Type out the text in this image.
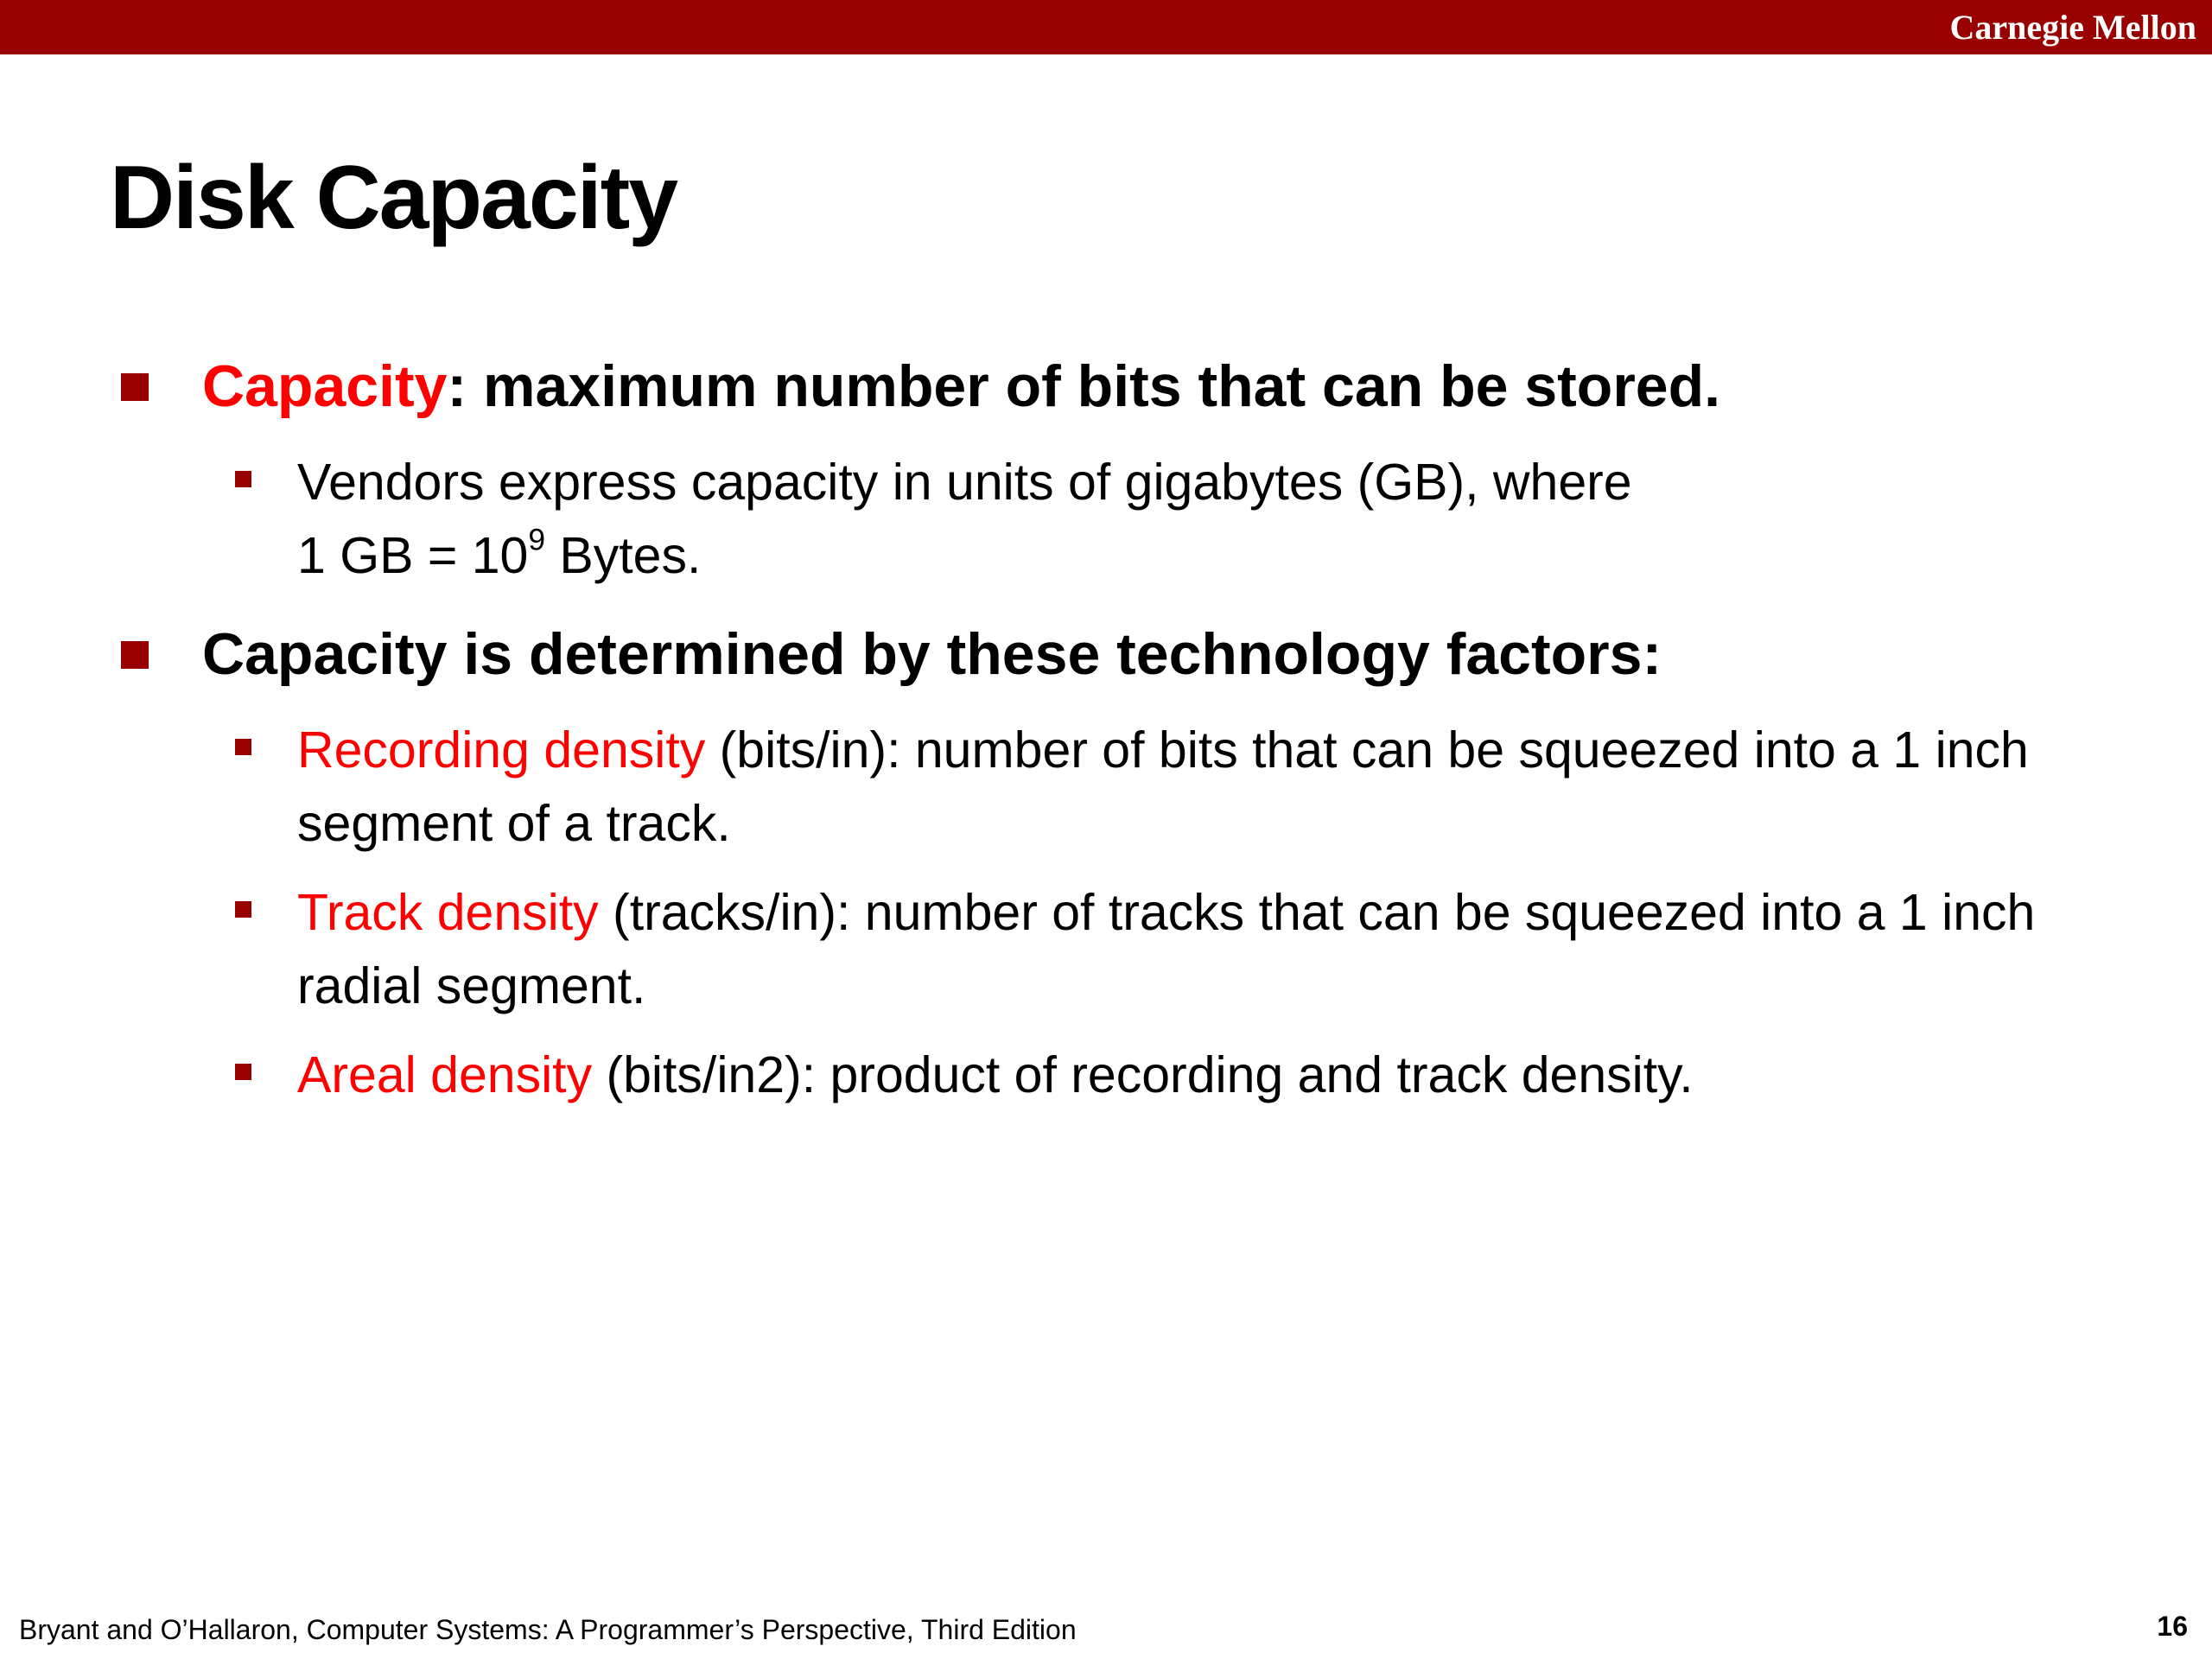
Carnegie Mellon
Disk Capacity
Capacity: maximum number of bits that can be stored.
Vendors express capacity in units of gigabytes (GB), where
1 GB = $10^9$ Bytes.
Capacity is determined by these technology factors:
Recording density (bits/in): number of bits that can be squeezed into a 1 inch segment of a track.
Track density (tracks/in): number of tracks that can be squeezed into a 1 inch radial segment.
Areal density (bits/in2): product of recording and track density.
Bryant and O’Hallaron, Computer Systems: A Programmer’s Perspective, Third Edition	16
